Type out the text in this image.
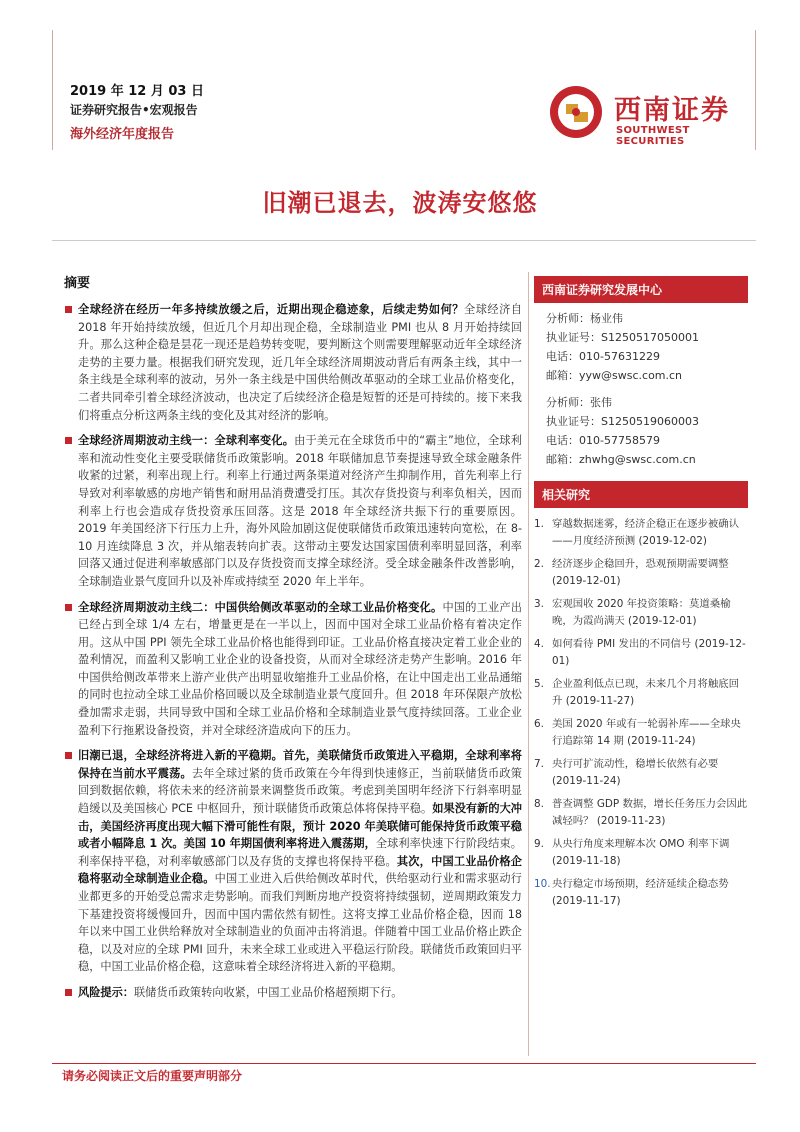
2019 年 12 月 03 日
证券研究报告•宏观报告
海外经济年度报告
西南证券
SOUTHWEST SECURITIES
旧潮已退去，波涛安悠悠
摘要
全球经济在经历一年多持续放缓之后，近期出现企稳迹象，后续走势如何？全球经济自 2018 年开始持续放缓，但近几个月却出现企稳，全球制造业 PMI 也从 8 月开始持续回升。那么这种企稳是昙花一现还是趋势转变呢，要判断这个则需要理解驱动近年全球经济走势的主要力量。根据我们研究发现，近几年全球经济周期波动背后有两条主线，其中一条主线是全球利率的波动，另外一条主线是中国供给侧改革驱动的全球工业品价格变化，二者共同牵引着全球经济波动，也决定了后续经济企稳是短暂的还是可持续的。接下来我们将重点分析这两条主线的变化及其对经济的影响。
全球经济周期波动主线一：全球利率变化。由于美元在全球货币中的“霸主”地位，全球利率和流动性变化主要受联储货币政策影响。2018 年联储加息节奏提速导致全球金融条件收紧的过紧，利率出现上行。利率上行通过两条渠道对经济产生抑制作用，首先利率上行导致对利率敏感的房地产销售和耐用品消费遭受打压。其次存货投资与利率负相关，因而利率上行也会造成存货投资承压回落。这是 2018 年全球经济共振下行的重要原因。2019 年美国经济下行压力上升，海外风险加剧这促使联储货币政策迅速转向宽松，在 8-10 月连续降息 3 次，并从缩表转向扩表。这带动主要发达国家国债利率明显回落，利率回落又通过促进利率敏感部门以及存货投资而支撑全球经济。受全球金融条件改善影响，全球制造业景气度回升以及补库或持续至 2020 年上半年。
全球经济周期波动主线二：中国供给侧改革驱动的全球工业品价格变化。中国的工业产出已经占到全球 1/4 左右，增量更是在一半以上，因而中国对全球工业品价格有着决定作用。这从中国 PPI 领先全球工业品价格也能得到印证。工业品价格直接决定着工业企业的盈利情况，而盈利又影响工业企业的设备投资，从而对全球经济走势产生影响。2016 年中国供给侧改革带来上游产业供产出明显收缩推升工业品价格，在让中国走出工业品通缩的同时也拉动全球工业品价格回暖以及全球制造业景气度回升。但 2018 年环保限产放松叠加需求走弱，共同导致中国和全球工业品价格和全球制造业景气度持续回落。工业企业盈利下行拖累设备投资，并对全球经济造成向下的压力。
旧潮已退，全球经济将进入新的平稳期。首先，美联储货币政策进入平稳期，全球利率将保持在当前水平震荡。去年全球过紧的货币政策在今年得到快速修正，当前联储货币政策回到数据依赖，将依未来的经济前景来调整货币政策。考虑到美国明年经济下行斜率明显趋缓以及美国核心 PCE 中枢回升，预计联储货币政策总体将保持平稳。如果没有新的大冲击，美国经济再度出现大幅下滑可能性有限，预计 2020 年美联储可能保持货币政策平稳或者小幅降息 1 次。美国 10 年期国债利率将进入震荡期，全球利率快速下行阶段结束。利率保持平稳，对利率敏感部门以及存货的支撑也将保持平稳。其次，中国工业品价格企稳将驱动全球制造业企稳。中国工业进入后供给侧改革时代，供给驱动行业和需求驱动行业都更多的开始受总需求走势影响。而我们判断房地产投资将持续强韧，逆周期政策发力下基建投资将缓慢回升，因而中国内需依然有韧性。这将支撑工业品价格企稳，因而 18 年以来中国工业供给释放对全球制造业的负面冲击将消退。伴随着中国工业品价格止跌企稳，以及对应的全球 PMI 回升，未来全球工业或进入平稳运行阶段。联储货币政策回归平稳，中国工业品价格企稳，这意味着全球经济将进入新的平稳期。
风险提示：联储货币政策转向收紧，中国工业品价格超预期下行。
西南证券研究发展中心
分析师：杨业伟
执业证号：S1250517050001
电话：010-57631229
邮箱：yyw@swsc.com.cn
分析师：张伟
执业证号：S1250519060003
电话：010-57758579
邮箱：zhwhg@swsc.com.cn
相关研究
1. 穿越数据迷雾，经济企稳正在逐步被确认——月度经济预测 (2019-12-02)
2. 经济逐步企稳回升，恐观预期需要调整 (2019-12-01)
3. 宏观国收 2020 年投资策略：莫道桑榆晚，为霞尚满天 (2019-12-01)
4. 如何看待 PMI 发出的不同信号 (2019-12-01)
5. 企业盈利低点已现，未来几个月将触底回升 (2019-11-27)
6. 美国 2020 年或有一轮弱补库——全球央行追踪第 14 期 (2019-11-24)
7. 央行可扩流动性，稳增长依然有必要 (2019-11-24)
8. 普查调整 GDP 数据，增长任务压力会因此减轻吗？ (2019-11-23)
9. 从央行角度来理解本次 OMO 利率下调 (2019-11-18)
10. 央行稳定市场预期，经济延续企稳态势 (2019-11-17)
请务必阅读正文后的重要声明部分
